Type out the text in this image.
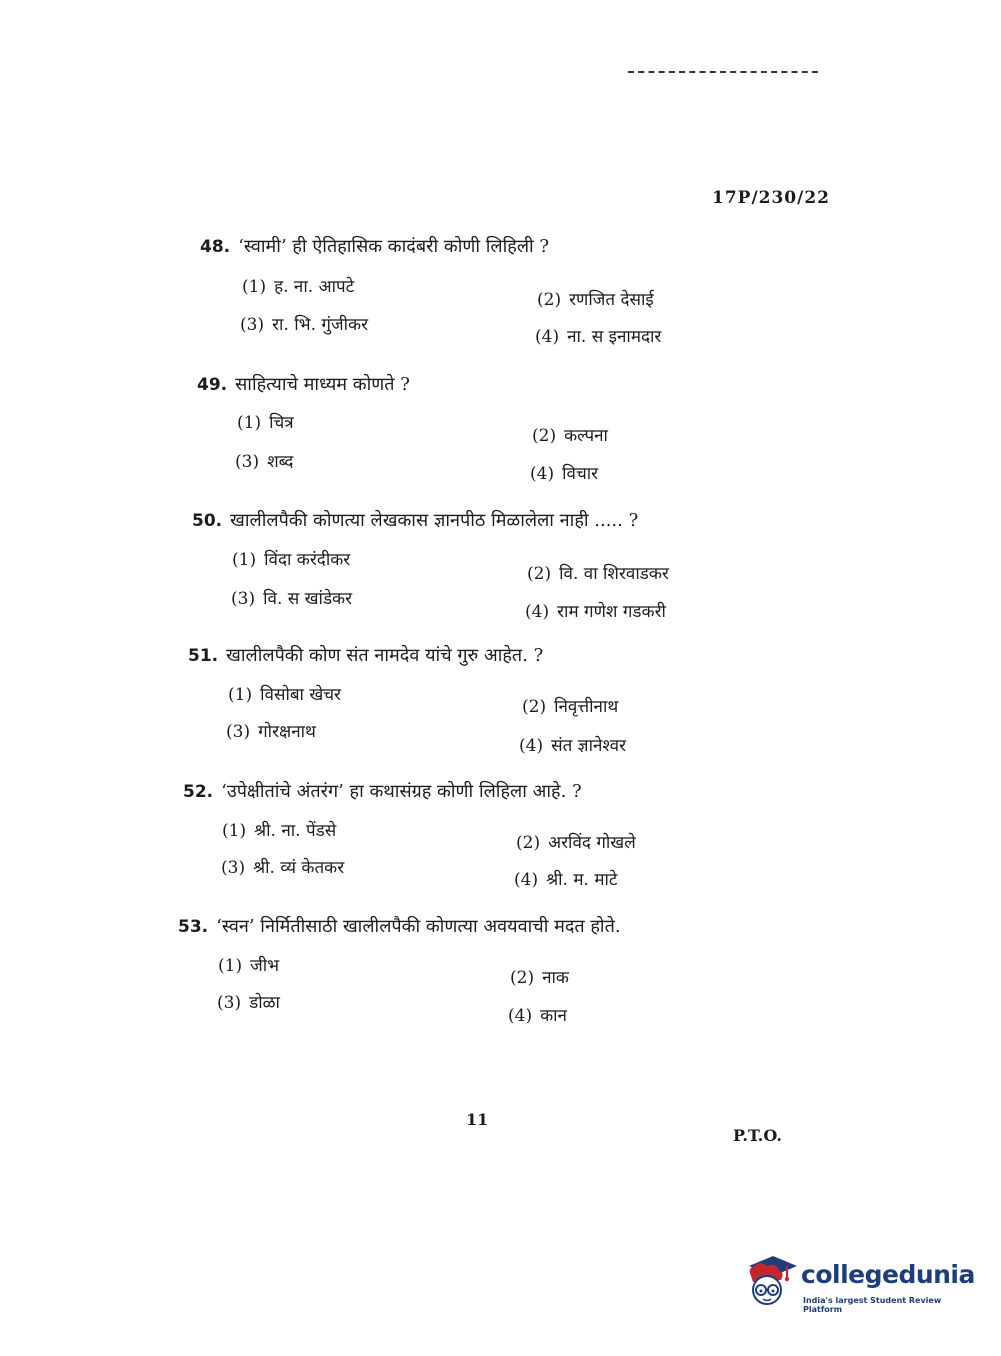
17P/230/22
48. ‘स्वामी’ ही ऐतिहासिक कादंबरी कोणी लिहिली ?
(1) ह. ना. आपटे
(2) रणजित देसाई
(3) रा. भि. गुंजीकर
(4) ना. स इनामदार
49. साहित्याचे माध्यम कोणते ?
(1) चित्र
(2) कल्पना
(3) शब्द
(4) विचार
50. खालीलपैकी कोणत्या लेखकास ज्ञानपीठ मिळालेला नाही ..... ?
(1) विंदा करंदीकर
(2) वि. वा शिरवाडकर
(3) वि. स खांडेकर
(4) राम गणेश गडकरी
51. खालीलपैकी कोण संत नामदेव यांचे गुरु आहेत. ?
(1) विसोबा खेचर
(2) निवृत्तीनाथ
(3) गोरक्षनाथ
(4) संत ज्ञानेश्वर
52. ‘उपेक्षीतांचे अंतरंग’ हा कथासंग्रह कोणी लिहिला आहे. ?
(1) श्री. ना. पेंडसे
(2) अरविंद गोखले
(3) श्री. व्यं केतकर
(4) श्री. म. माटे
53. ‘स्वन’ निर्मितीसाठी खालीलपैकी कोणत्या अवयवाची मदत होते.
(1) जीभ
(2) नाक
(3) डोळा
(4) कान
11
P.T.O.
collegedunia
India's largest Student Review Platform
